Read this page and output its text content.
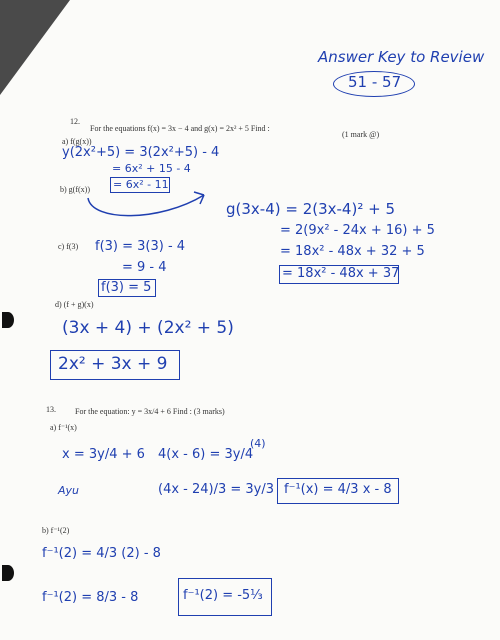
Answer Key to Review
51 - 57
12.
For the equations f(x) = 3x − 4 and g(x) = 2x² + 5 Find :
(1 mark @)
a) f(g(x))
y(2x²+5) = 3(2x²+5) - 4
= 6x² + 15 - 4
= 6x² - 11
b) g(f(x))
g(3x-4) = 2(3x-4)² + 5
= 2(9x² - 24x + 16) + 5
= 18x² - 48x + 32 + 5
= 18x² - 48x + 37
c) f(3) f(3) = 3(3) - 4
= 9 - 4
f(3) = 5
d) (f + g)(x)
(3x + 4) + (2x² + 5)
2x² + 3x + 9
13. For the equation: y = 3x/4 + 6 Find : (3 marks)
a) f⁻¹(x)
x = 3y/4 + 6 4(x - 6) = 3y/4
(4)
Ayu	(4x - 24)/3 = 3y/3 f⁻¹(x) = 4/3 x - 8
b) f⁻¹(2)
f⁻¹(2) = 4/3 (2) - 8
f⁻¹(2) = 8/3 - 8	f⁻¹(2) = -5⅓
